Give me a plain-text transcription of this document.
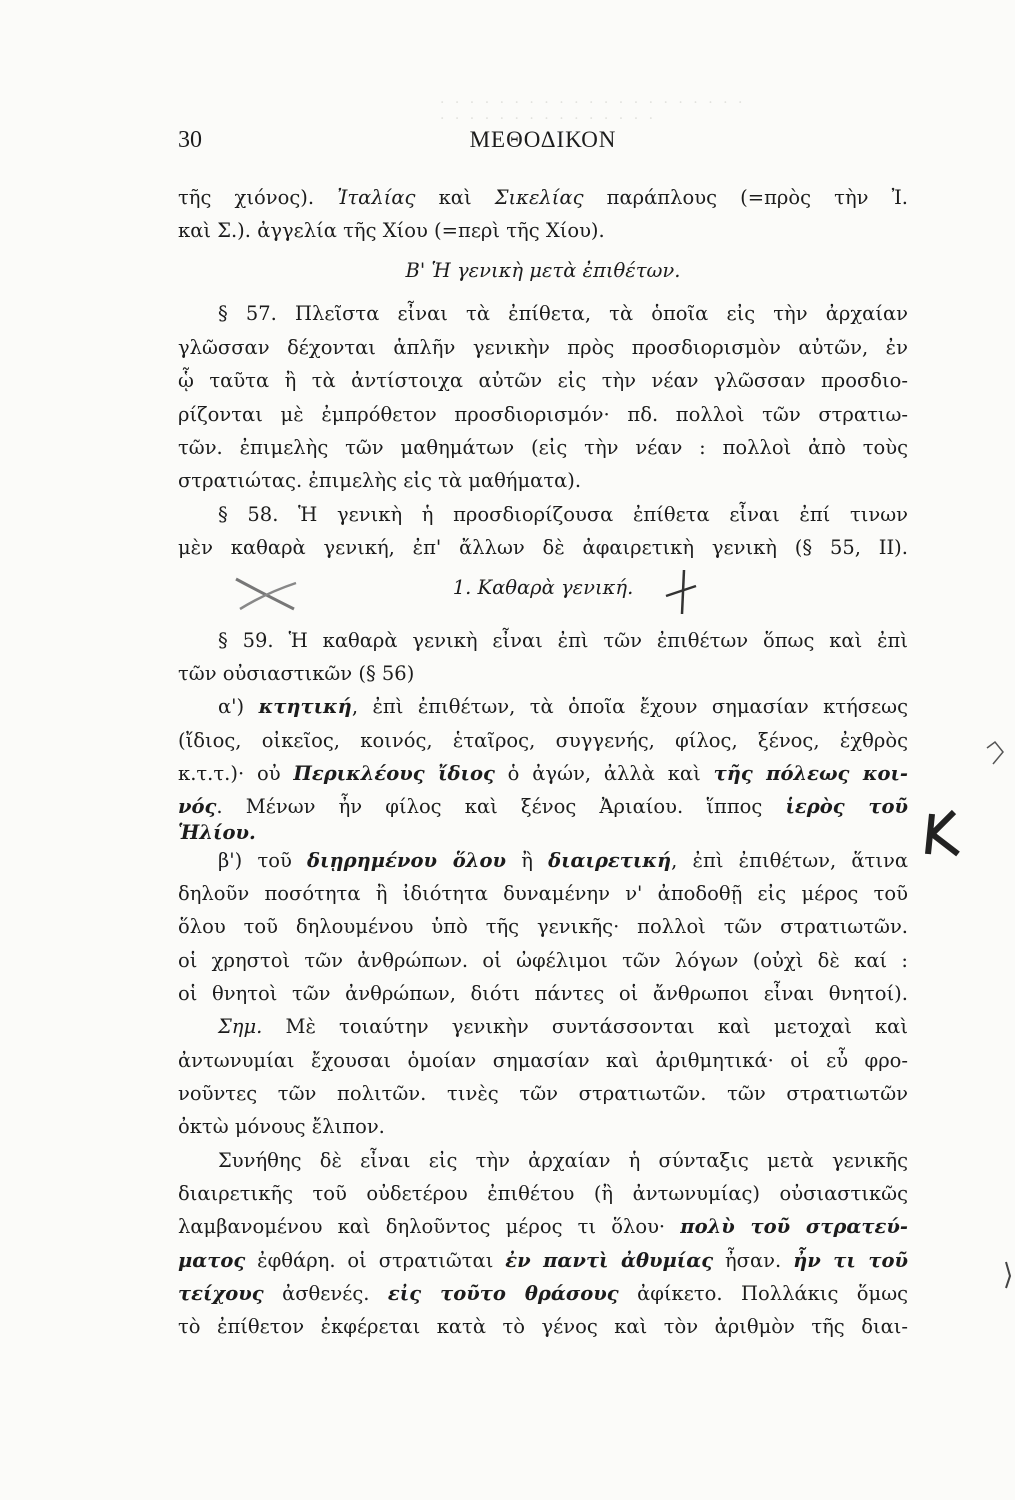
· · · · · · · · · · · · · · · · · · · · · · · · · · · · · · · · · · · ·
30	ΜΕΘΟΔΙΚΟΝ
τῆς χιόνος). Ἰταλίας καὶ Σικελίας παράπλους (=πρὸς τὴν Ἰ.
καὶ Σ.). ἀγγελία τῆς Χίου (=περὶ τῆς Χίου).
Β' Ἡ γενικὴ μετὰ ἐπιθέτων.
§ 57. Πλεῖστα εἶναι τὰ ἐπίθετα, τὰ ὁποῖα εἰς τὴν ἀρχαίαν
γλῶσσαν δέχονται ἁπλῆν γενικὴν πρὸς προσδιορισμὸν αὐτῶν, ἐν
ᾧ ταῦτα ἢ τὰ ἀντίστοιχα αὐτῶν εἰς τὴν νέαν γλῶσσαν προσδιο-
ρίζονται μὲ ἐμπρόθετον προσδιορισμόν· πδ. πολλοὶ τῶν στρατιω-
τῶν. ἐπιμελὴς τῶν μαθημάτων (εἰς τὴν νέαν : πολλοὶ ἀπὸ τοὺς
στρατιώτας. ἐπιμελὴς εἰς τὰ μαθήματα).
§ 58. Ἡ γενικὴ ἡ προσδιορίζουσα ἐπίθετα εἶναι ἐπί τινων
μὲν καθαρὰ γενική, ἐπ' ἄλλων δὲ ἀφαιρετικὴ γενικὴ (§ 55, ΙΙ).
1. Καθαρὰ γενική.
§ 59. Ἡ καθαρὰ γενικὴ εἶναι ἐπὶ τῶν ἐπιθέτων ὅπως καὶ ἐπὶ
τῶν οὐσιαστικῶν (§ 56)
α') κτητική, ἐπὶ ἐπιθέτων, τὰ ὁποῖα ἔχουν σημασίαν κτήσεως
(ἴδιος, οἰκεῖος, κοινός, ἑταῖρος, συγγενής, φίλος, ξένος, ἐχθρὸς
κ.τ.τ.)· οὐ Περικλέους ἴδιος ὁ ἀγών, ἀλλὰ καὶ τῆς πόλεως κοι-
νός. Μένων ἦν φίλος καὶ ξένος Ἀριαίου. ἵππος ἱερὸς τοῦ
Ἡλίου.
β') τοῦ διῃρημένου ὅλου ἢ διαιρετική, ἐπὶ ἐπιθέτων, ἅτινα
δηλοῦν ποσότητα ἢ ἰδιότητα δυναμένην ν' ἀποδοθῇ εἰς μέρος τοῦ
ὅλου τοῦ δηλουμένου ὑπὸ τῆς γενικῆς· πολλοὶ τῶν στρατιωτῶν.
οἱ χρηστοὶ τῶν ἀνθρώπων. οἱ ὠφέλιμοι τῶν λόγων (οὐχὶ δὲ καί :
οἱ θνητοὶ τῶν ἀνθρώπων, διότι πάντες οἱ ἄνθρωποι εἶναι θνητοί).
Σημ. Μὲ τοιαύτην γενικὴν συντάσσονται καὶ μετοχαὶ καὶ
ἀντωνυμίαι ἔχουσαι ὁμοίαν σημασίαν καὶ ἀριθμητικά· οἱ εὖ φρο-
νοῦντες τῶν πολιτῶν. τινὲς τῶν στρατιωτῶν. τῶν στρατιωτῶν
ὀκτὼ μόνους ἔλιπον.
Συνήθης δὲ εἶναι εἰς τὴν ἀρχαίαν ἡ σύνταξις μετὰ γενικῆς
διαιρετικῆς τοῦ οὐδετέρου ἐπιθέτου (ἢ ἀντωνυμίας) οὐσιαστικῶς
λαμβανομένου καὶ δηλοῦντος μέρος τι ὅλου· πολὺ τοῦ στρατεύ-
ματος ἐφθάρη. οἱ στρατιῶται ἐν παντὶ ἀθυμίας ἦσαν. ἦν τι τοῦ
τείχους ἀσθενές. εἰς τοῦτο θράσους ἀφίκετο. Πολλάκις ὅμως
τὸ ἐπίθετον ἐκφέρεται κατὰ τὸ γένος καὶ τὸν ἀριθμὸν τῆς διαι-
